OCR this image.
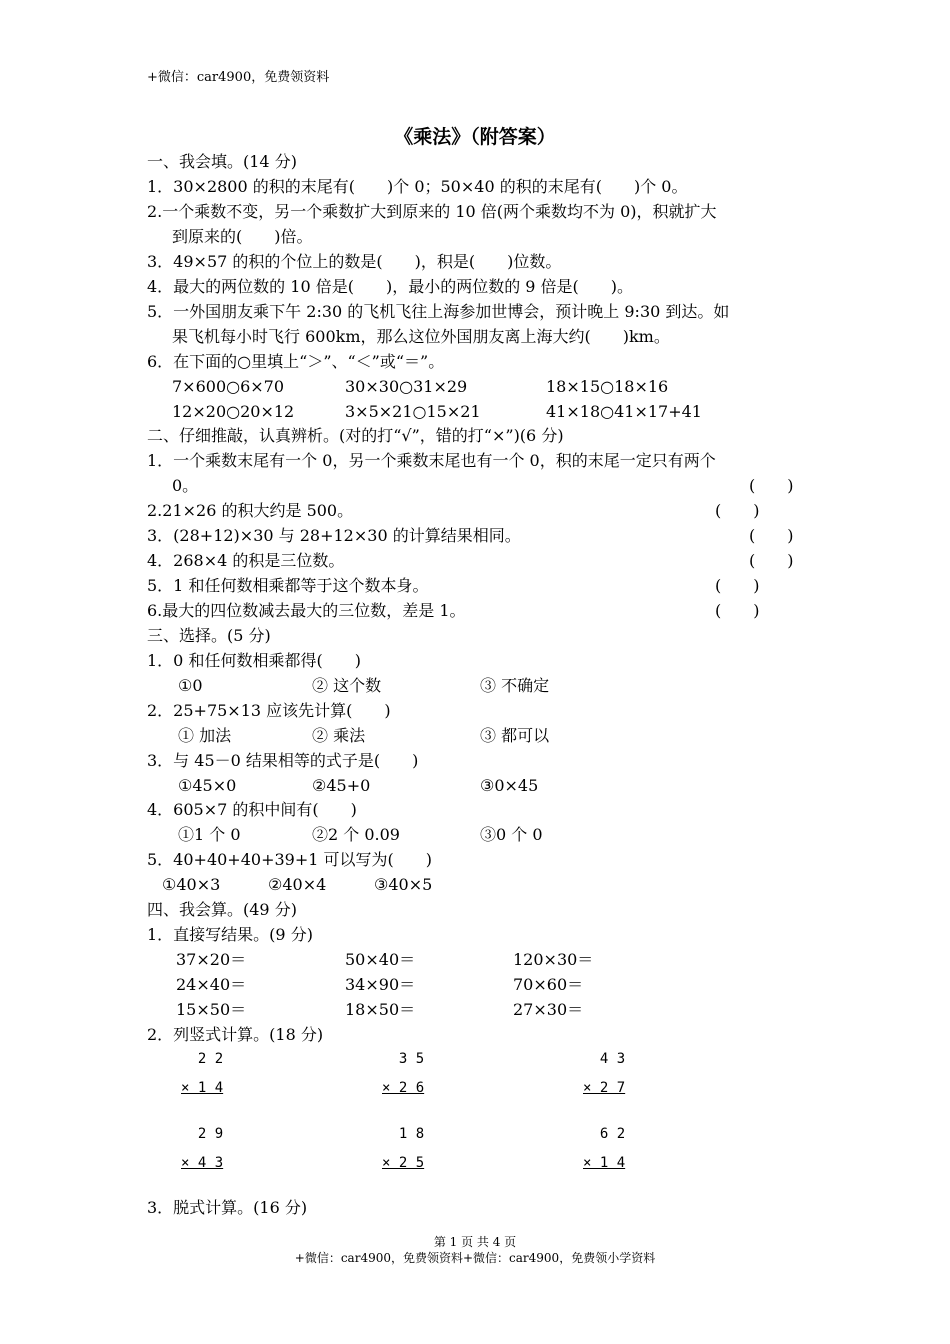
+微信：car4900，免费领资料
《乘法》（附答案）
一、我会填。(14 分)
1．30×2800 的积的末尾有(　　)个 0；50×40 的积的末尾有(　　)个 0。
2.一个乘数不变，另一个乘数扩大到原来的 10 倍(两个乘数均不为 0)，积就扩大
到原来的(　　)倍。
3．49×57 的积的个位上的数是(　　)，积是(　　)位数。
4．最大的两位数的 10 倍是(　　)，最小的两位数的 9 倍是(　　)。
5．一外国朋友乘下午 2:30 的飞机飞往上海参加世博会，预计晚上 9:30 到达。如
果飞机每小时飞行 600km，那么这位外国朋友离上海大约(　　)km。
6．在下面的○里填上“＞”、“＜”或“＝”。
7×600○6×70	30×30○31×29	18×15○18×16
12×20○20×12	3×5×21○15×21	41×18○41×17+41
二、仔细推敲，认真辨析。(对的打“√”，错的打“×”)(6 分)
1．一个乘数末尾有一个 0，另一个乘数末尾也有一个 0，积的末尾一定只有两个
0。	(　　)
2.21×26 的积大约是 500。	(　　)
3．(28+12)×30 与 28+12×30 的计算结果相同。	(　　)
4．268×4 的积是三位数。	(　　)
5．1 和任何数相乘都等于这个数本身。	(　　)
6.最大的四位数减去最大的三位数，差是 1。	(　　)
三、选择。(5 分)
1．0 和任何数相乘都得(　　)
①0	② 这个数	③ 不确定
2．25+75×13 应该先计算(　　)
① 加法	② 乘法	③ 都可以
3．与 45－0 结果相等的式子是(　　)
①45×0	②45+0	③0×45
4．605×7 的积中间有(　　)
①1 个 0	②2 个 0.09	③0 个 0
5．40+40+40+39+1 可以写为(　　)
①40×3	②40×4	③40×5
四、我会算。(49 分)
1．直接写结果。(9 分)
37×20＝	50×40＝	120×30＝
24×40＝	34×90＝	70×60＝
15×50＝	18×50＝	27×30＝
2．列竖式计算。(18 分)
2 2
× 1 4
3 5
× 2 6
4 3
× 2 7
2 9
× 4 3
1 8
× 2 5
6 2
× 1 4
3．脱式计算。(16 分)
第 1 页 共 4 页
+微信：car4900，免费领资料+微信：car4900，免费领小学资料
